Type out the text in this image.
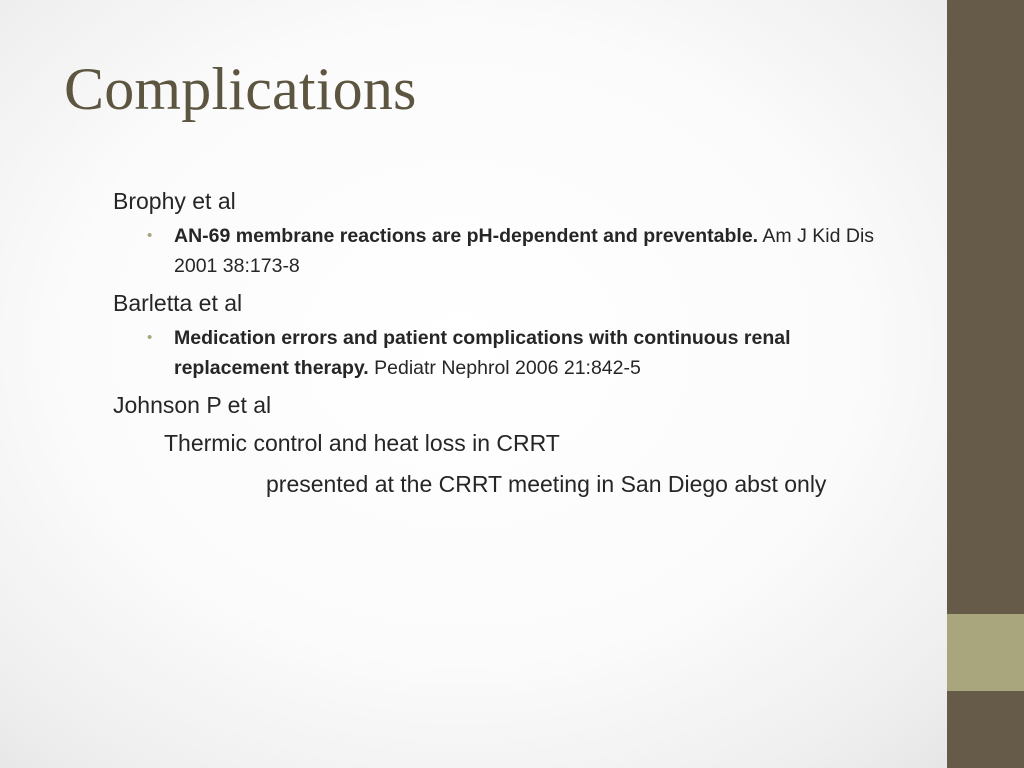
Complications
Brophy et al
• AN-69 membrane reactions are pH-dependent and preventable. Am J Kid Dis 2001 38:173-8
Barletta et al
• Medication errors and patient complications with continuous renal replacement therapy. Pediatr Nephrol 2006 21:842-5
Johnson P et al
Thermic control and heat loss in CRRT
presented at the CRRT meeting in San Diego abst only
